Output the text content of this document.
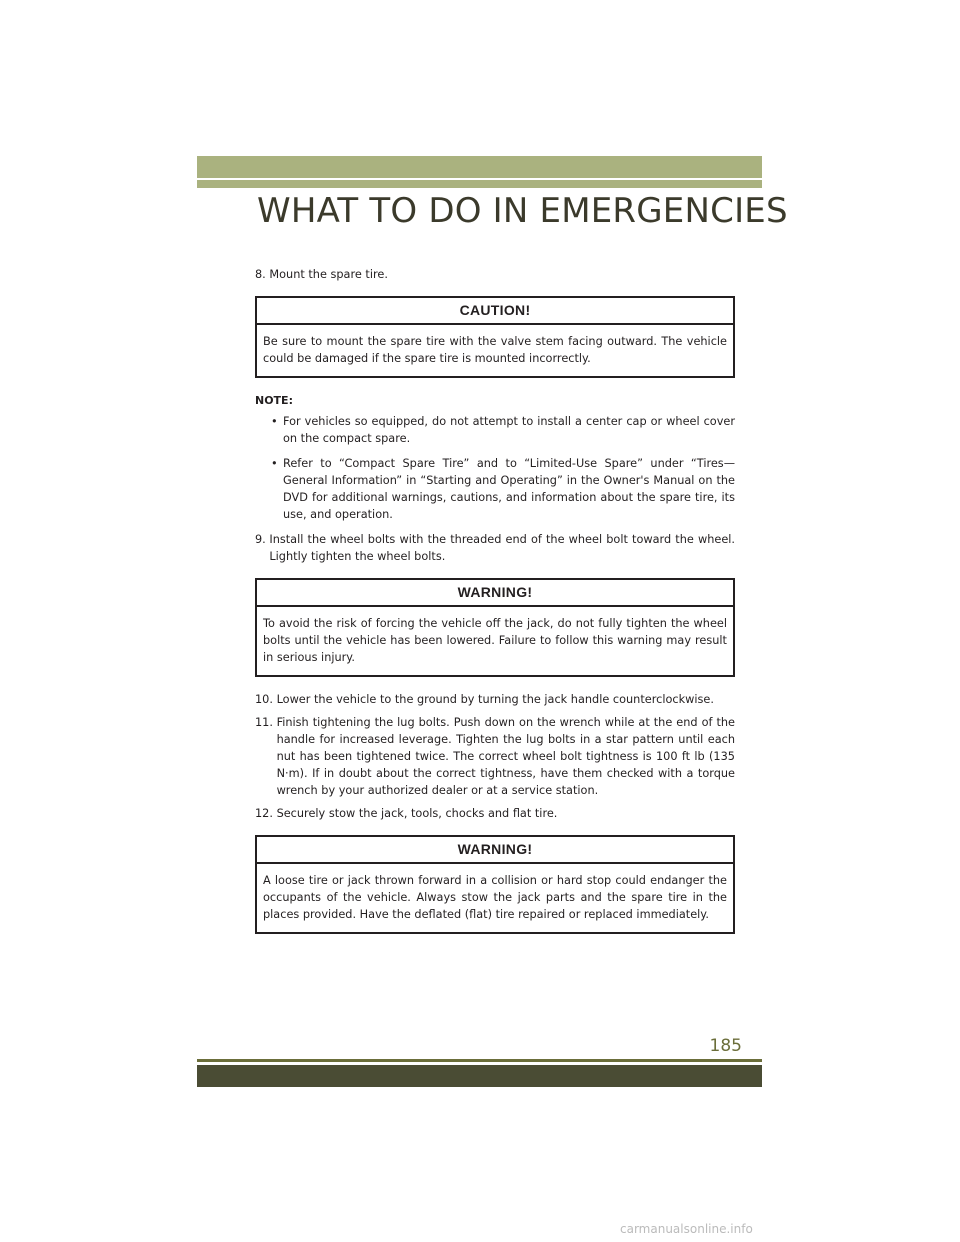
WHAT TO DO IN EMERGENCIES
8. Mount the spare tire.
CAUTION!
Be sure to mount the spare tire with the valve stem facing outward. The vehicle could be damaged if the spare tire is mounted incorrectly.
NOTE:
• For vehicles so equipped, do not attempt to install a center cap or wheel cover on the compact spare.
• Refer to “Compact Spare Tire” and to “Limited-Use Spare” under “Tires—General Information” in “Starting and Operating” in the Owner's Manual on the DVD for additional warnings, cautions, and information about the spare tire, its use, and operation.
9. Install the wheel bolts with the threaded end of the wheel bolt toward the wheel. Lightly tighten the wheel bolts.
WARNING!
To avoid the risk of forcing the vehicle off the jack, do not fully tighten the wheel bolts until the vehicle has been lowered. Failure to follow this warning may result in serious injury.
10. Lower the vehicle to the ground by turning the jack handle counterclockwise.
11. Finish tightening the lug bolts. Push down on the wrench while at the end of the handle for increased leverage. Tighten the lug bolts in a star pattern until each nut has been tightened twice. The correct wheel bolt tightness is 100 ft lb (135 N·m). If in doubt about the correct tightness, have them checked with a torque wrench by your authorized dealer or at a service station.
12. Securely stow the jack, tools, chocks and flat tire.
WARNING!
A loose tire or jack thrown forward in a collision or hard stop could endanger the occupants of the vehicle. Always stow the jack parts and the spare tire in the places provided. Have the deflated (flat) tire repaired or replaced immediately.
185
carmanualsonline.info
